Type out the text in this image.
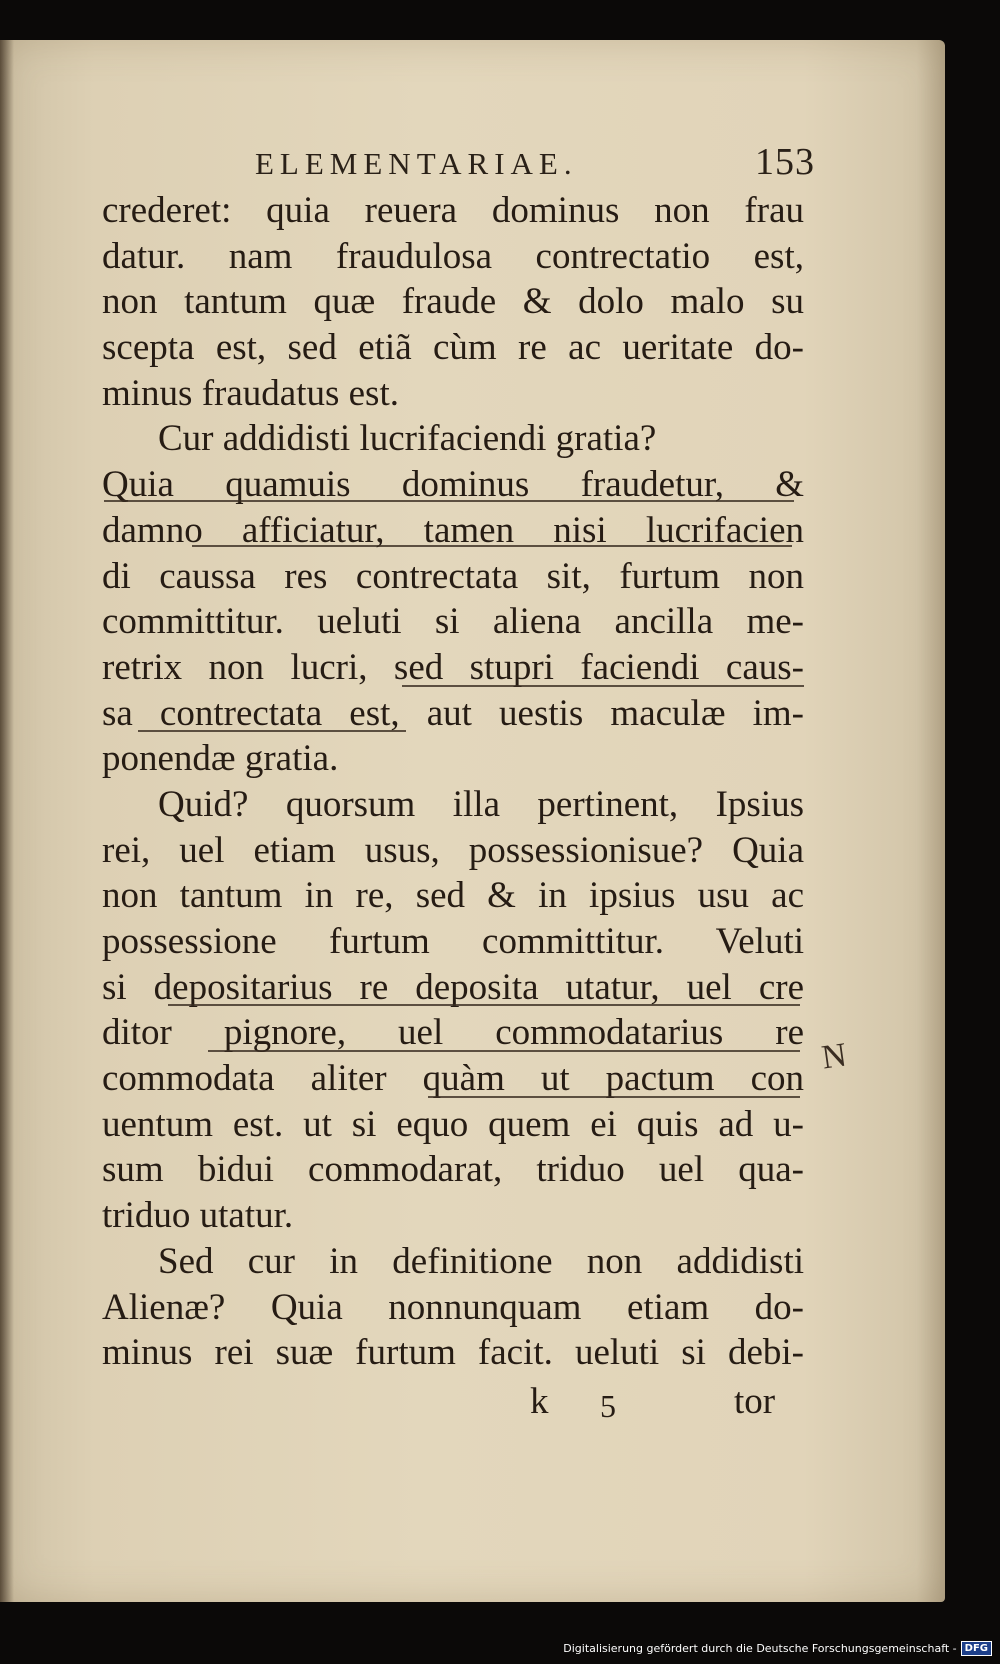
ELEMENTARIAE.	153
crederet: quia reuera dominus non frau
datur. nam fraudulosa contrectatio est,
non tantum quæ fraude & dolo malo su
scepta est, sed etiã cùm re ac ueritate do-
minus fraudatus est.
Cur addidisti lucrifaciendi gratia?
Quia quamuis dominus fraudetur, &
damno afficiatur, tamen nisi lucrifacien
di caussa res contrectata sit, furtum non
committitur. ueluti si aliena ancilla me-
retrix non lucri, sed stupri faciendi caus-
sa contrectata est, aut uestis maculæ im-
ponendæ gratia.
Quid? quorsum illa pertinent, Ipsius
rei, uel etiam usus, possessionisue? Quia
non tantum in re, sed & in ipsius usu ac
possessione furtum committitur. Veluti
si depositarius re deposita utatur, uel cre
ditor pignore, uel commodatarius re
commodata aliter quàm ut pactum con
uentum est. ut si equo quem ei quis ad u-
sum bidui commodarat, triduo uel qua-
triduo utatur.
Sed cur in definitione non addidisti
Alienæ? Quia nonnunquam etiam do-
minus rei suæ furtum facit. ueluti si debi-
N
k 5	tor
Digitalisierung gefördert durch die Deutsche Forschungsgemeinschaft - DFG
